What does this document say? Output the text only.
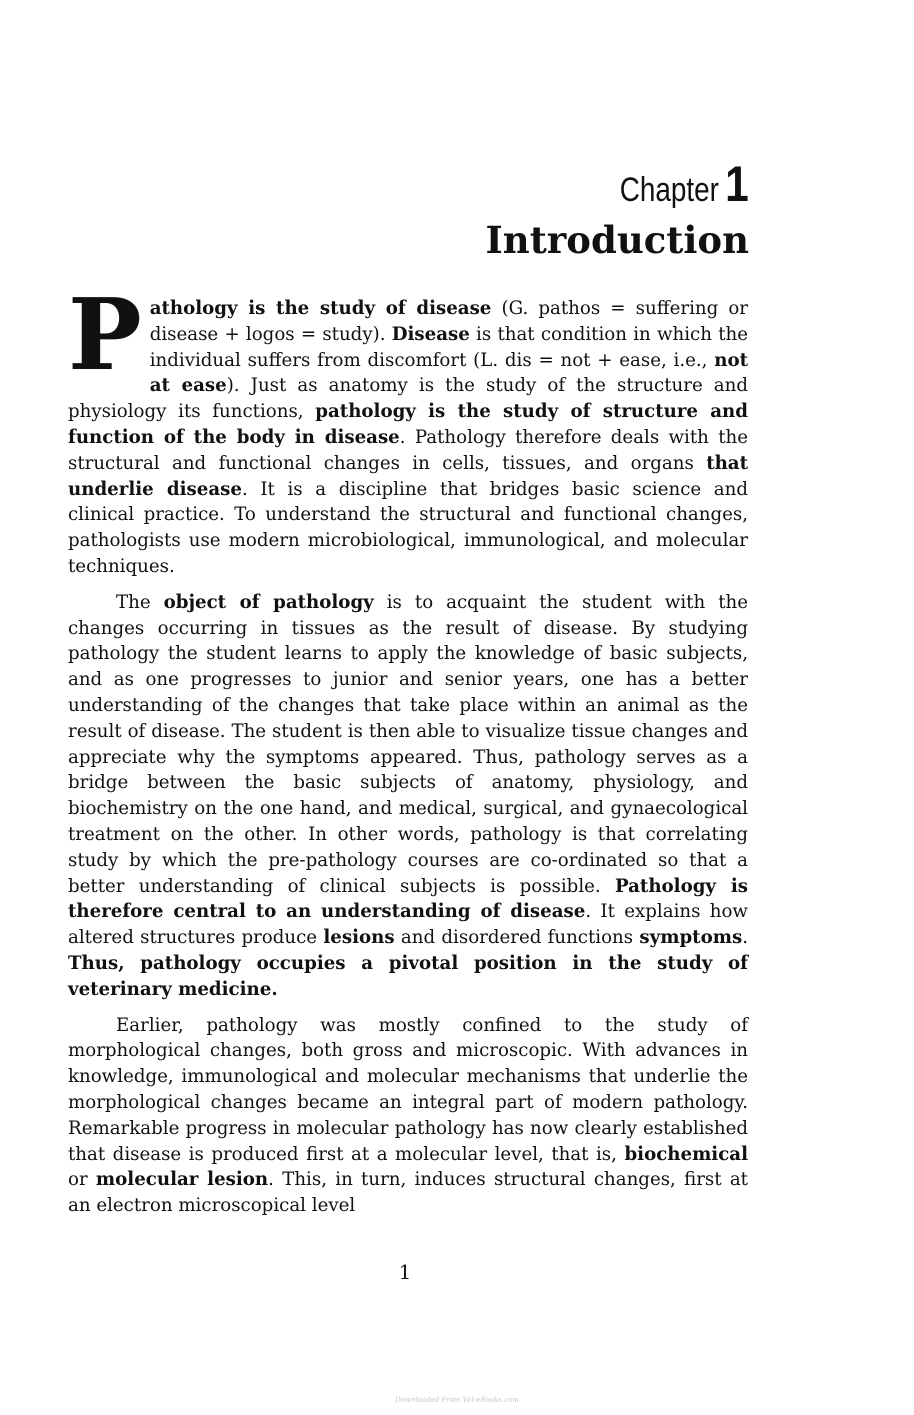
Chapter 1
Introduction

Pathology is the study of disease (G. pathos = suffering or disease + logos = study). Disease is that condition in which the individual suffers from discomfort (L. dis = not + ease, i.e., not at ease). Just as anatomy is the study of the structure and physiology its functions, pathology is the study of structure and function of the body in disease. Pathology therefore deals with the structural and functional changes in cells, tissues, and organs that underlie disease. It is a discipline that bridges basic science and clinical practice. To understand the structural and functional changes, pathologists use modern microbiological, immunological, and molecular techniques.

The object of pathology is to acquaint the student with the changes occurring in tissues as the result of disease. By studying pathology the student learns to apply the knowledge of basic subjects, and as one progresses to junior and senior years, one has a better understanding of the changes that take place within an animal as the result of disease. The student is then able to visualize tissue changes and appreciate why the symptoms appeared. Thus, pathology serves as a bridge between the basic subjects of anatomy, physiology, and biochemistry on the one hand, and medical, surgical, and gynaecological treatment on the other. In other words, pathology is that correlating study by which the pre-pathology courses are co-ordinated so that a better understanding of clinical subjects is possible. Pathology is therefore central to an understanding of disease. It explains how altered structures produce lesions and disordered functions symptoms. Thus, pathology occupies a pivotal position in the study of veterinary medicine.

Earlier, pathology was mostly confined to the study of morphological changes, both gross and microscopic. With advances in knowledge, immunological and molecular mechanisms that underlie the morphological changes became an integral part of modern pathology. Remarkable progress in molecular pathology has now clearly established that disease is produced first at a molecular level, that is, biochemical or molecular lesion. This, in turn, induces structural changes, first at an electron microscopical level

1
Downloaded From Vet-eBooks.com
